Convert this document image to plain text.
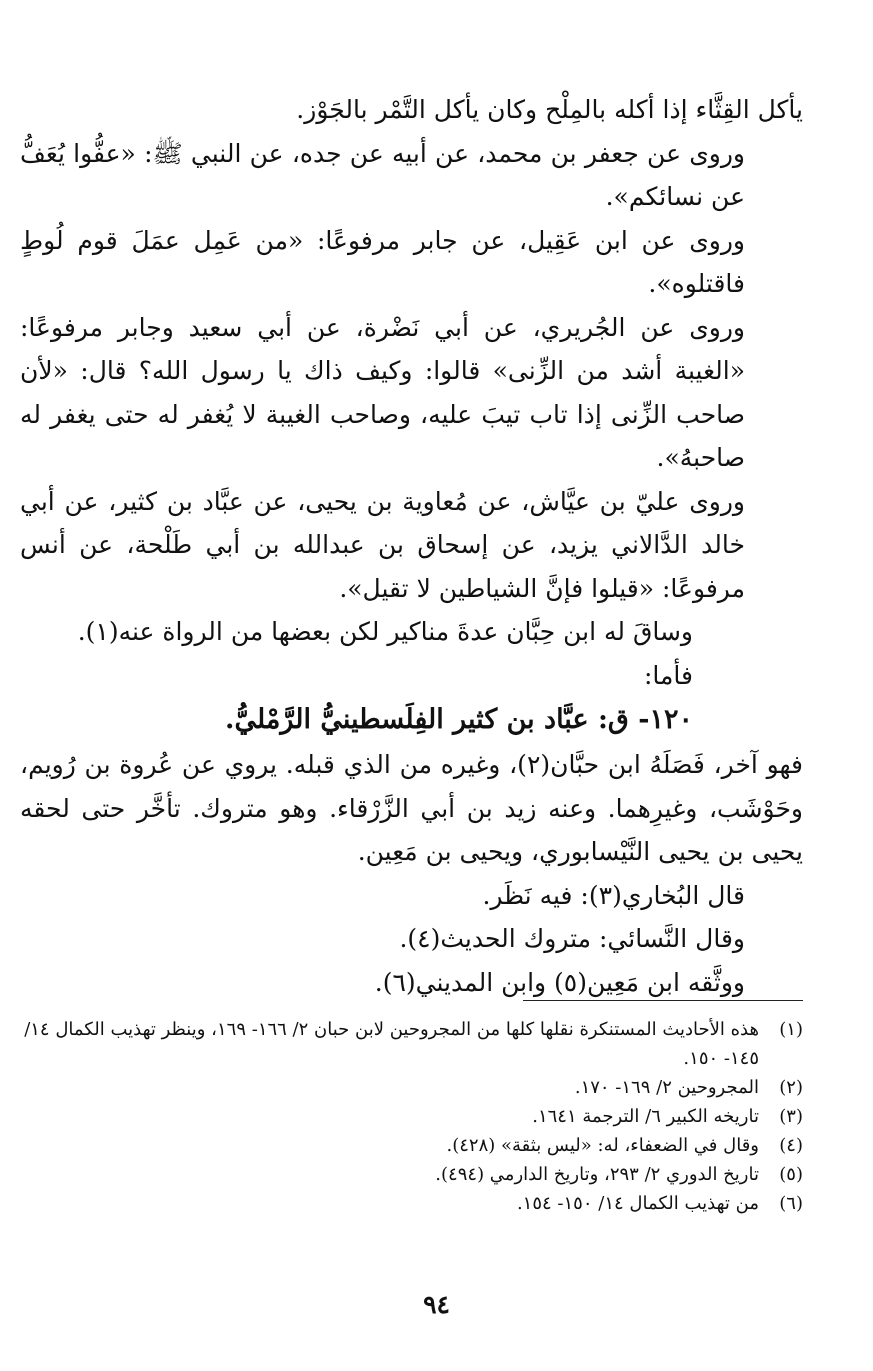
يأكل القِثَّاء إذا أكله بالمِلْح وكان يأكل التَّمْر بالجَوْز.

وروى عن جعفر بن محمد، عن أبيه عن جده، عن النبي ﷺ: «عفُّوا يُعَفُّ عن نسائكم».

وروى عن ابن عَقِيل، عن جابر مرفوعًا: «من عَمِل عمَلَ قوم لُوطٍ فاقتلوه».

وروى عن الجُريري، عن أبي نَضْرة، عن أبي سعيد وجابر مرفوعًا: «الغيبة أشد من الزِّنى» قالوا: وكيف ذاك يا رسول الله؟ قال: «لأن صاحب الزِّنى إذا تاب تيبَ عليه، وصاحب الغيبة لا يُغفر له حتى يغفر له صاحبهُ».

وروى عليّ بن عيَّاش، عن مُعاوية بن يحيى، عن عبَّاد بن كثير، عن أبي خالد الدَّالاني يزيد، عن إسحاق بن عبدالله بن أبي طَلْحة، عن أنس مرفوعًا: «قيلوا فإنَّ الشياطين لا تقيل».

وساقَ له ابن حِبَّان عدةَ مناكير لكن بعضها من الرواة عنه(١).

فأما:

١٢٠- ق: عبَّاد بن كثير الفِلَسطينيُّ الرَّمْليُّ.

فهو آخر، فَصَلَهُ ابن حبَّان(٢)، وغيره من الذي قبله. يروي عن عُروة بن رُويم، وحَوْشَب، وغيرِهما. وعنه زيد بن أبي الزَّرْقاء. وهو متروك. تأخَّر حتى لحقه يحيى بن يحيى النَّيْسابوري، ويحيى بن مَعِين.

قال البُخاري(٣): فيه نَظَر.

وقال النَّسائي: متروك الحديث(٤).

ووثَّقه ابن مَعِين(٥) وابن المديني(٦).

(١)
هذه الأحاديث المستنكرة نقلها كلها من المجروحين لابن حبان ٢/ ١٦٦- ١٦٩، وينظر تهذيب الكمال ١٤/ ١٤٥- ١٥٠.
(٢)
المجروحين ٢/ ١٦٩- ١٧٠.
(٣)
تاريخه الكبير ٦/ الترجمة ١٦٤١.
(٤)
وقال في الضعفاء، له: «ليس بثقة» (٤٢٨).
(٥)
تاريخ الدوري ٢/ ٢٩٣، وتاريخ الدارمي (٤٩٤).
(٦)
من تهذيب الكمال ١٤/ ١٥٠- ١٥٤.
٩٤
